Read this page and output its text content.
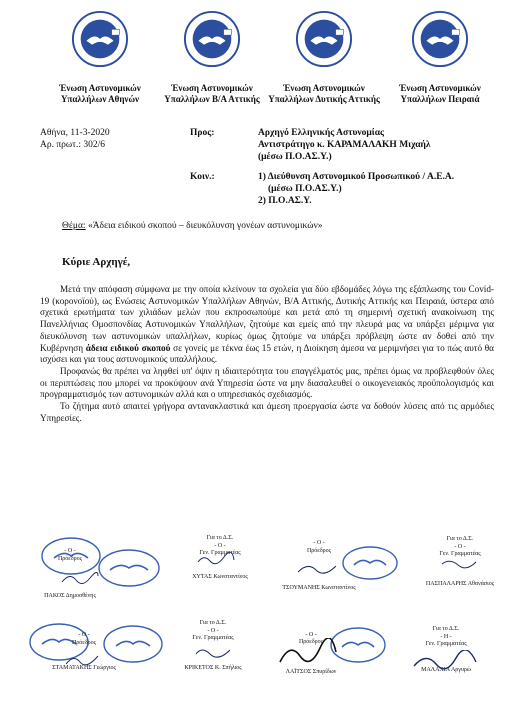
Ένωση Αστυνομικών
Υπαλλήλων Αθηνών
Ένωση Αστυνομικών
Υπαλλήλων Β/Α Αττικής
Ένωση Αστυνομικών
Υπαλλήλων Δυτικής Αττικής
Ένωση Αστυνομικών
Υπαλλήλων Πειραιά
Αθήνα, 11-3-2020
Αρ. πρωτ.: 302/6
Προς:	Αρχηγό Ελληνικής Αστυνομίας
Αντιστράτηγο κ. ΚΑΡΑΜΑΛΑΚΗ Μιχαήλ
(μέσω Π.Ο.ΑΣ.Υ.)
Κοιν.:	1) Διεύθυνση Αστυνομικού Προσωπικού / Α.Ε.Α.
(μέσω Π.Ο.ΑΣ.Υ.)
2) Π.Ο.ΑΣ.Υ.
Θέμα: «Άδεια ειδικού σκοπού – διευκόλυνση γονέων αστυνομικών»
Κύριε Αρχηγέ,

Μετά την απόφαση σύμφωνα με την οποία κλείνουν τα σχολεία για δύο εβδομάδες λόγω της εξάπλωσης του Covid-19 (κορονοϊού), ως Ενώσεις Αστυνομικών Υπαλλήλων Αθηνών, Β/Α Αττικής, Δυτικής Αττικής και Πειραιά, ύστερα από σχετικά ερωτήματα των χιλιάδων μελών που εκπροσωπούμε και μετά από τη σημερινή σχετική ανακοίνωση της Πανελλήνιας Ομοσπονδίας Αστυνομικών Υπαλλήλων, ζητούμε και εμείς από την πλευρά μας να υπάρξει μέριμνα για διευκόλυνση των αστυνομικών υπαλλήλων, κυρίως όμως ζητούμε να υπάρξει πρόβλεψη ώστε αν δοθεί από την Κυβέρνηση άδεια ειδικού σκοπού σε γονείς με τέκνα έως 15 ετών, η Διοίκηση άμεσα να μεριμνήσει για το πώς αυτό θα ισχύσει και για τους αστυνομικούς υπαλλήλους.

Προφανώς θα πρέπει να ληφθεί υπ' όψιν η ιδιαιτερότητα του επαγγέλματός μας, πρέπει όμως να προβλεφθούν όλες οι περιπτώσεις που μπορεί να προκύψουν ανά Υπηρεσία ώστε να μην διασαλευθεί ο οικογενειακός προϋπολογισμός και προγραμματισμός των αστυνομικών αλλά και ο υπηρεσιακός σχεδιασμός.

Το ζήτημα αυτό απαιτεί γρήγορα αντανακλαστικά και άμεση προεργασία ώστε να δοθούν λύσεις από τις αρμόδιες Υπηρεσίες.

- Ο -
Πρόεδρος
ΠΑΚΟΣ Δημοσθένης
Για το Δ.Σ.
- Ο -
Γεν. Γραμματέας
ΧΥΤΑΣ Κωνσταντίνος
- Ο -
Πρόεδρος
ΤΣΟΥΜΑΝΗΣ Κωνσταντίνος
Για το Δ.Σ.
- Ο -
Γεν. Γραμματέας
ΠΑΣΠΑΛΑΡΗΣ Αθανάσιος
- Ο -
Πρόεδρος
ΣΤΑΜΑΤΑΚΗΣ Γεώργιος
Για το Δ.Σ.
- Ο -
Γεν. Γραμματέας
ΚΡΙΚΕΤΟΣ Κ. Σπήλιος

- Ο -
Πρόεδρος
ΛΑΪΤΣΟΣ Σπυρίδων
Για το Δ.Σ.
- Η -
Γεν. Γραμματέας
ΜΑΛΑΧΙΑ Αργυρώ
